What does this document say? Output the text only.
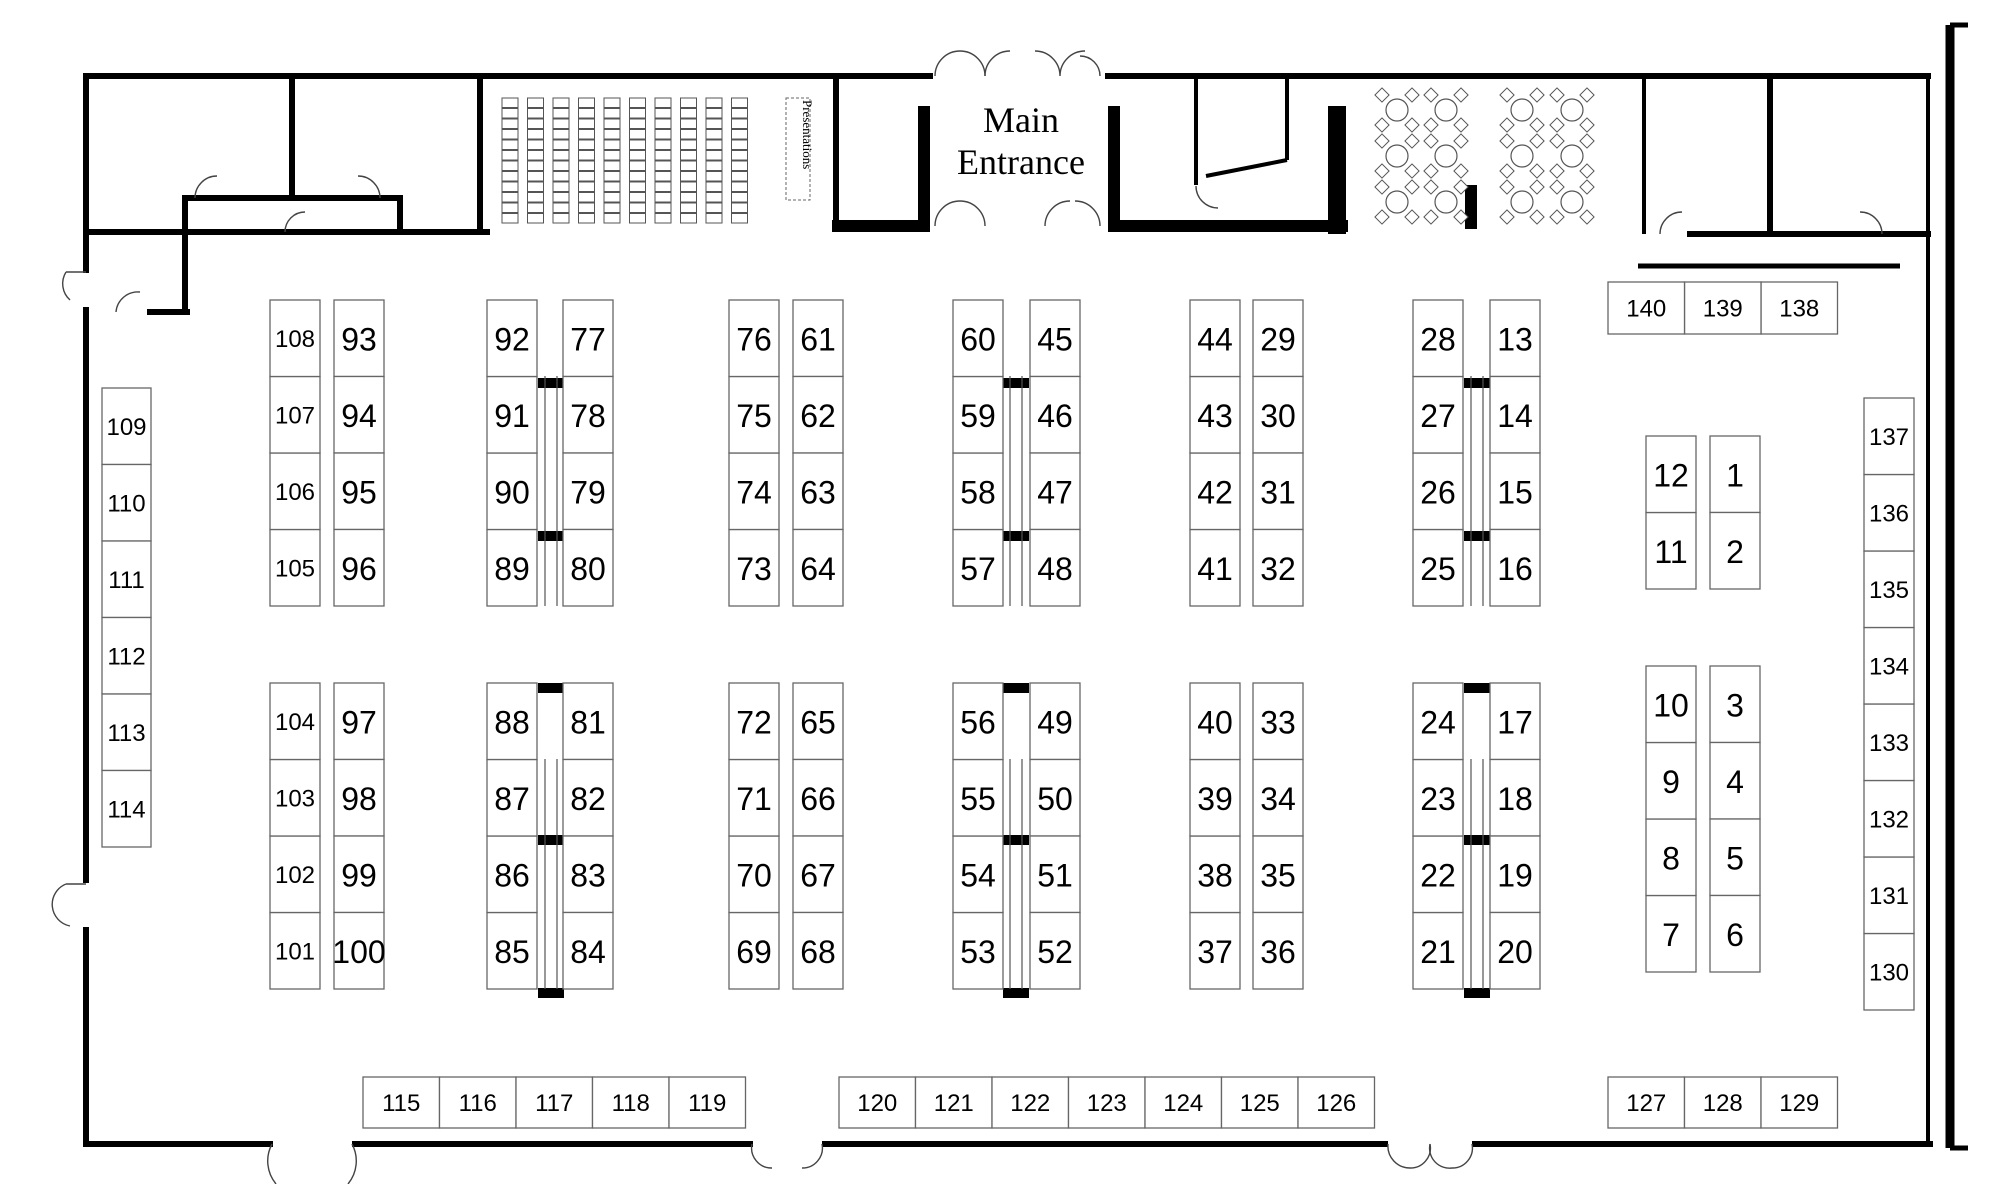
Presentations	Main
Entrance
1
2
3
4
5
6
7
8
9
10
11
12
13
14
15
16
17
18
19
20
21
22
23
24
25
26
27
28
29
30
31
32
33
34
35
36
37
38
39
40
41
42
43
44
45
46
47
48
49
50
51
52
53
54
55
56
57
58
59
60
61
62
63
64
65
66
67
68
69
70
71
72
73
74
75
76
77
78
79
80
81
82
83
84
85
86
87
88
89
90
91
92
93
94
95
96
97
98
99
100
101
102
103
104
105
106
107
108
109
110
111
112
113
114
115 116 117 118 119	120 121 122 123 124 125 126	127 128 129
130
131
132
133
134
135
136
137
138
139
140
